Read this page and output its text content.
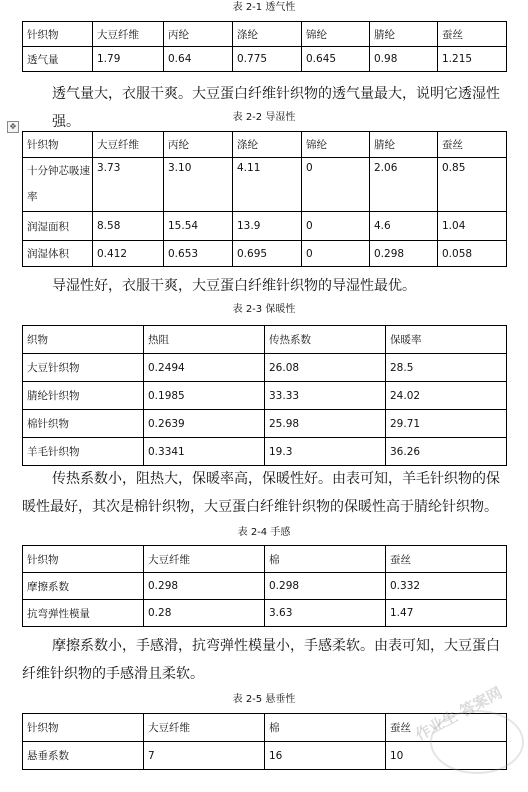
表 2-1 透气性
针织物	大豆纤维	丙纶	涤纶	锦纶	腈纶	蚕丝
透气量	1.79	0.64	0.775	0.645	0.98	1.215
透气量大，衣服干爽。大豆蛋白纤维针织物的透气量最大，说明它透湿性强。
✥
表 2-2 导湿性
针织物	大豆纤维	丙纶	涤纶	锦纶	腈纶	蚕丝
十分钟芯吸速率	3.73	3.10	4.11	0	2.06	0.85
润湿面积	8.58	15.54	13.9	0	4.6	1.04
润湿体积	0.412	0.653	0.695	0	0.298	0.058
导湿性好，衣服干爽，大豆蛋白纤维针织物的导湿性最优。
表 2-3 保暖性
织物	热阻	传热系数	保暖率
大豆针织物	0.2494	26.08	28.5
腈纶针织物	0.1985	33.33	24.02
棉针织物	0.2639	25.98	29.71
羊毛针织物	0.3341	19.3	36.26
传热系数小，阻热大，保暖率高，保暖性好。由表可知，羊毛针织物的保暖性最好，其次是棉针织物，大豆蛋白纤维针织物的保暖性高于腈纶针织物。
表 2-4 手感
针织物	大豆纤维	棉	蚕丝
摩擦系数	0.298	0.298	0.332
抗弯弹性模量	0.28	3.63	1.47
摩擦系数小，手感滑，抗弯弹性模量小，手感柔软。由表可知，大豆蛋白纤维针织物的手感滑且柔软。
表 2-5 悬垂性
针织物	大豆纤维	棉	蚕丝
悬垂系数	7	16	10
作业生 答案网
